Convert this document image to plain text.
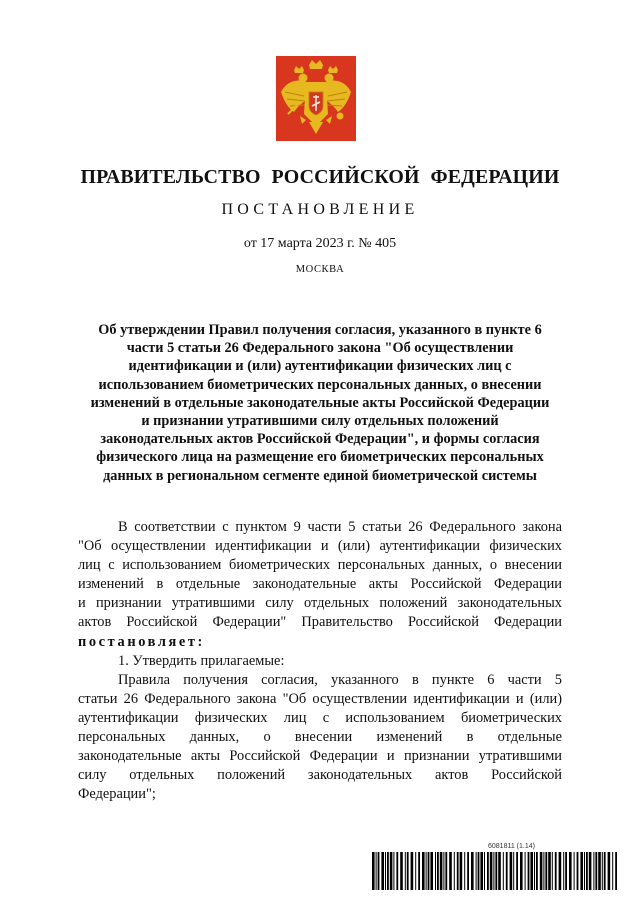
ПРАВИТЕЛЬСТВО РОССИЙСКОЙ ФЕДЕРАЦИИ
ПОСТАНОВЛЕНИЕ
от 17 марта 2023 г. № 405
МОСКВА
Об утверждении Правил получения согласия, указанного в пункте 6
части 5 статьи 26 Федерального закона "Об осуществлении
идентификации и (или) аутентификации физических лиц с
использованием биометрических персональных данных, о внесении
изменений в отдельные законодательные акты Российской Федерации
и признании утратившими силу отдельных положений
законодательных актов Российской Федерации", и формы согласия
физического лица на размещение его биометрических персональных
данных в региональном сегменте единой биометрической системы
В соответствии с пунктом 9 части 5 статьи 26 Федерального закона
"Об осуществлении идентификации и (или) аутентификации физических
лиц с использованием биометрических персональных данных, о внесении
изменений в отдельные законодательные акты Российской Федерации
и признании утратившими силу отдельных положений законодательных
актов Российской Федерации" Правительство Российской Федерации
постановляет:
1. Утвердить прилагаемые:
Правила получения согласия, указанного в пункте 6 части 5
статьи 26 Федерального закона "Об осуществлении идентификации и (или)
аутентификации физических лиц с использованием биометрических
персональных данных, о внесении изменений в отдельные
законодательные акты Российской Федерации и признании утратившими
силу отдельных положений законодательных актов Российской
Федерации";
6081811 (1.14)
